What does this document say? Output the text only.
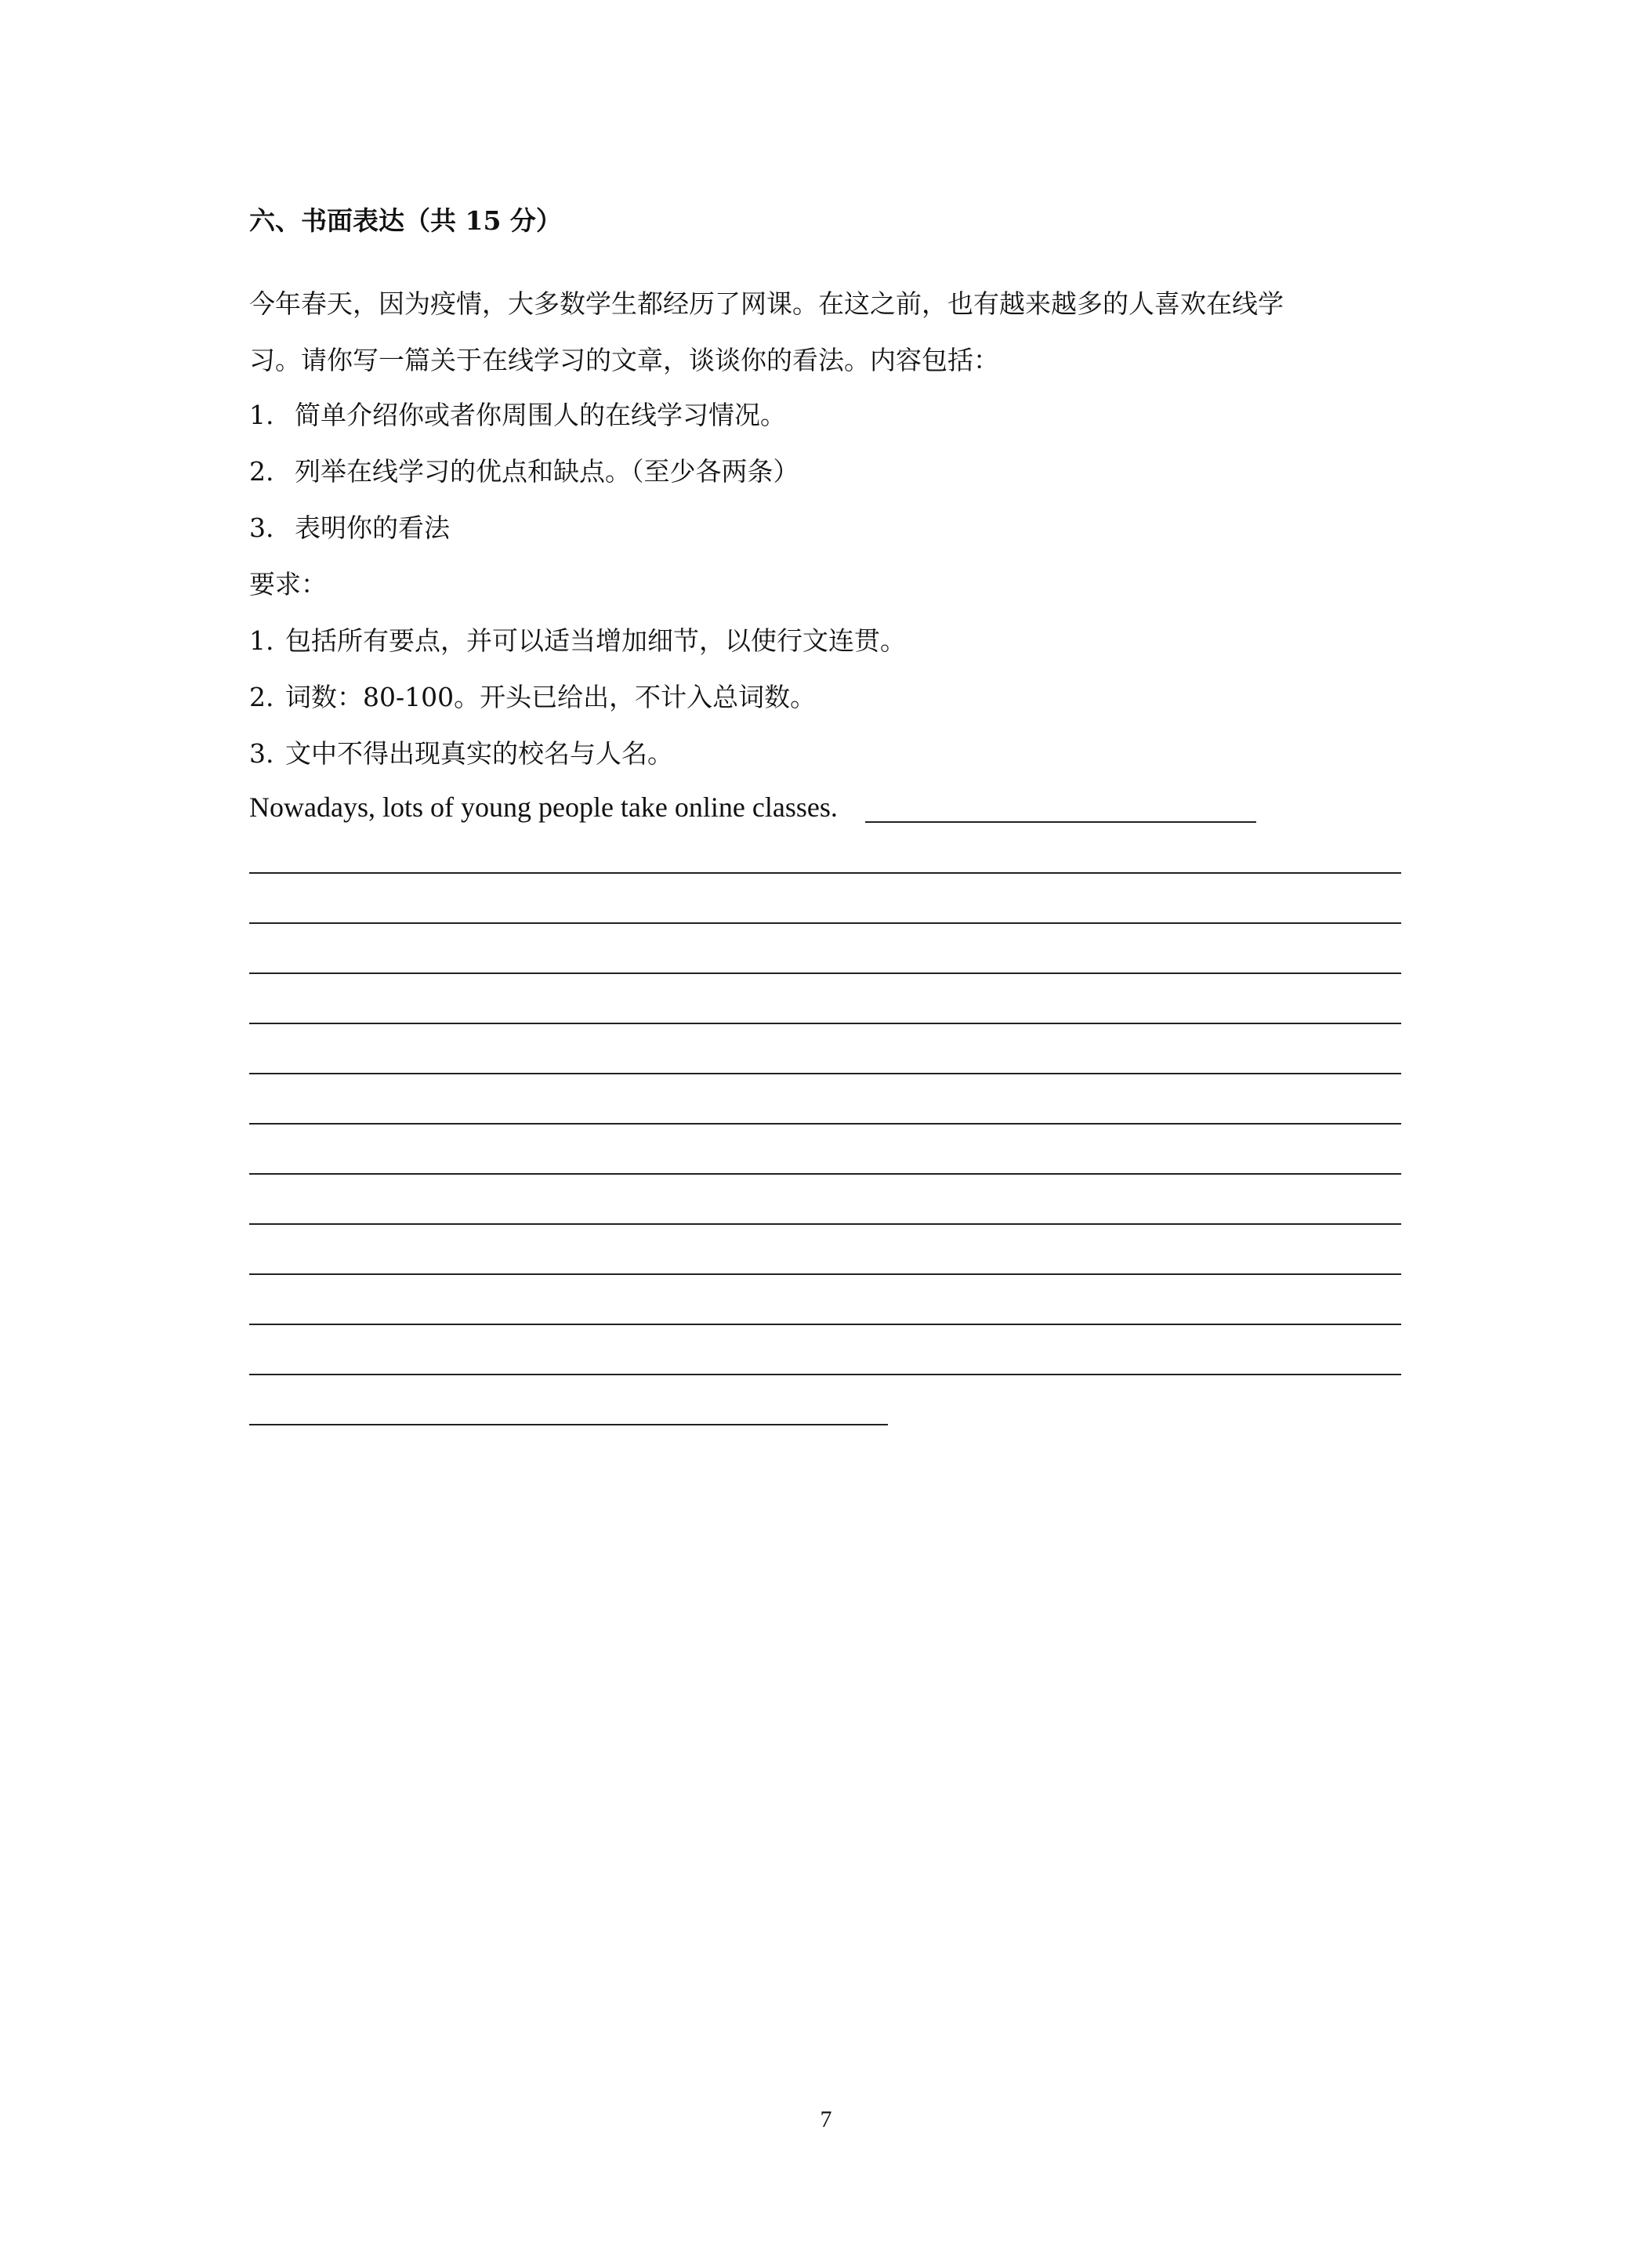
六、书面表达（共 15 分）
今年春天，因为疫情，大多数学生都经历了网课。在这之前，也有越来越多的人喜欢在线学
习。请你写一篇关于在线学习的文章，谈谈你的看法。内容包括：
1. 简单介绍你或者你周围人的在线学习情况。
2. 列举在线学习的优点和缺点。（至少各两条）
3. 表明你的看法
要求：
1. 包括所有要点，并可以适当增加细节，以使行文连贯。
2. 词数：80-100。开头已给出，不计入总词数。
3. 文中不得出现真实的校名与人名。
Nowadays, lots of young people take online classes.
7
